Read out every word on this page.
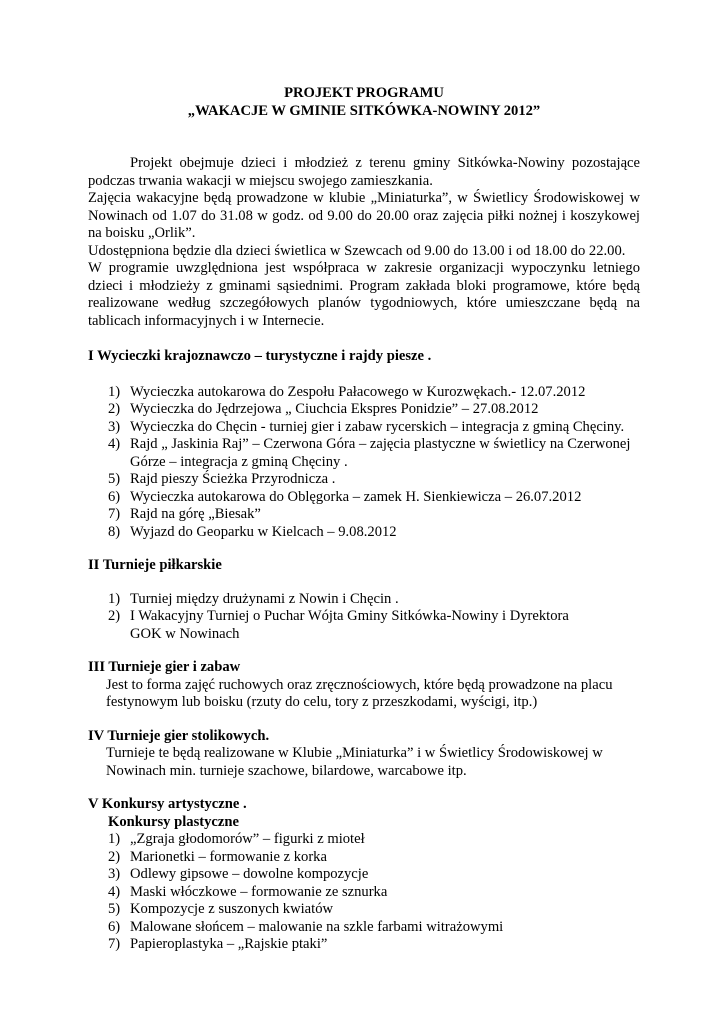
PROJEKT PROGRAMU
„WAKACJE W GMINIE SITKÓWKA-NOWINY 2012”

Projekt obejmuje dzieci i młodzież z terenu gminy Sitkówka-Nowiny pozostające podczas trwania wakacji w miejscu swojego zamieszkania.

Zajęcia wakacyjne będą prowadzone w klubie „Miniaturka”, w Świetlicy Środowiskowej w Nowinach od 1.07 do 31.08 w godz. od 9.00 do 20.00 oraz zajęcia piłki nożnej i koszykowej na boisku „Orlik”.

Udostępniona będzie dla dzieci świetlica w Szewcach od 9.00 do 13.00 i od 18.00 do 22.00.

W programie uwzględniona jest współpraca w zakresie organizacji wypoczynku letniego dzieci i młodzieży z gminami sąsiednimi. Program zakłada bloki programowe, które będą realizowane według szczegółowych planów tygodniowych, które umieszczane będą na tablicach informacyjnych i w Internecie.

I Wycieczki krajoznawczo – turystyczne i rajdy piesze .
1) Wycieczka autokarowa do Zespołu Pałacowego w Kurozwękach.- 12.07.2012
2) Wycieczka do Jędrzejowa „ Ciuchcia Ekspres Ponidzie” – 27.08.2012
3) Wycieczka do Chęcin - turniej gier i zabaw rycerskich – integracja z gminą Chęciny.
4) Rajd „ Jaskinia Raj” – Czerwona Góra – zajęcia plastyczne w świetlicy na Czerwonej Górze – integracja z gminą Chęciny .
5) Rajd pieszy Ścieżka Przyrodnicza .
6) Wycieczka autokarowa do Oblęgorka – zamek H. Sienkiewicza – 26.07.2012
7) Rajd na górę „Biesak”
8) Wyjazd do Geoparku w Kielcach – 9.08.2012
II Turnieje piłkarskie
1) Turniej między drużynami z Nowin i Chęcin .
2) I Wakacyjny Turniej o Puchar Wójta Gminy Sitkówka-Nowiny i Dyrektora GOK w Nowinach
III Turnieje gier i zabaw
Jest to forma zajęć ruchowych oraz zręcznościowych, które będą prowadzone na placu festynowym lub boisku (rzuty do celu, tory z przeszkodami, wyścigi, itp.)
IV Turnieje gier stolikowych.
Turnieje te będą realizowane w Klubie „Miniaturka” i w Świetlicy Środowiskowej w Nowinach min. turnieje szachowe, bilardowe, warcabowe itp.
V Konkursy artystyczne .
Konkursy plastyczne
1) „Zgraja głodomorów” – figurki z mioteł
2) Marionetki – formowanie z korka
3) Odlewy gipsowe – dowolne kompozycje
4) Maski włóczkowe – formowanie ze sznurka
5) Kompozycje z suszonych kwiatów
6) Malowane słońcem – malowanie na szkle farbami witrażowymi
7) Papieroplastyka – „Rajskie ptaki”
